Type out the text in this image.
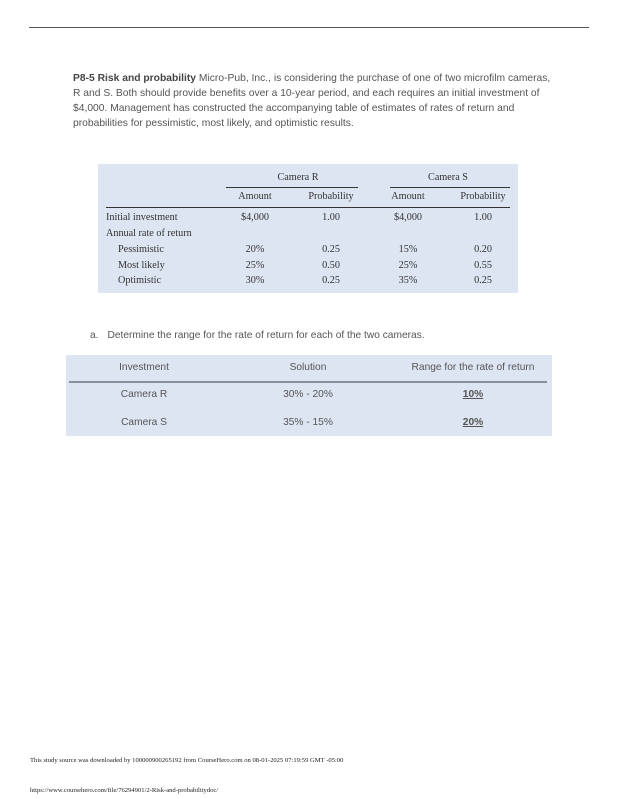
P8-5 Risk and probability Micro-Pub, Inc., is considering the purchase of one of two microfilm cameras, R and S. Both should provide benefits over a 10-year period, and each requires an initial investment of $4,000. Management has constructed the accompanying table of estimates of rates of return and probabilities for pessimistic, most likely, and optimistic results.
Camera R	Camera S
Amount	Probability	Amount	Probability
Initial investment	$4,000	1.00	$4,000	1.00
Annual rate of return
Pessimistic	20%	0.25	15%	0.20
Most likely	25%	0.50	25%	0.55
Optimistic	30%	0.25	35%	0.25
a. Determine the range for the rate of return for each of the two cameras.
Investment	Solution	Range for the rate of return
Camera R	30% - 20%	10%
Camera S	35% - 15%	20%
This study source was downloaded by 100000900265192 from CourseHero.com on 08-01-2025 07:19:59 GMT -05:00
https://www.coursehero.com/file/76294901/2-Risk-and-probabilitydoc/
